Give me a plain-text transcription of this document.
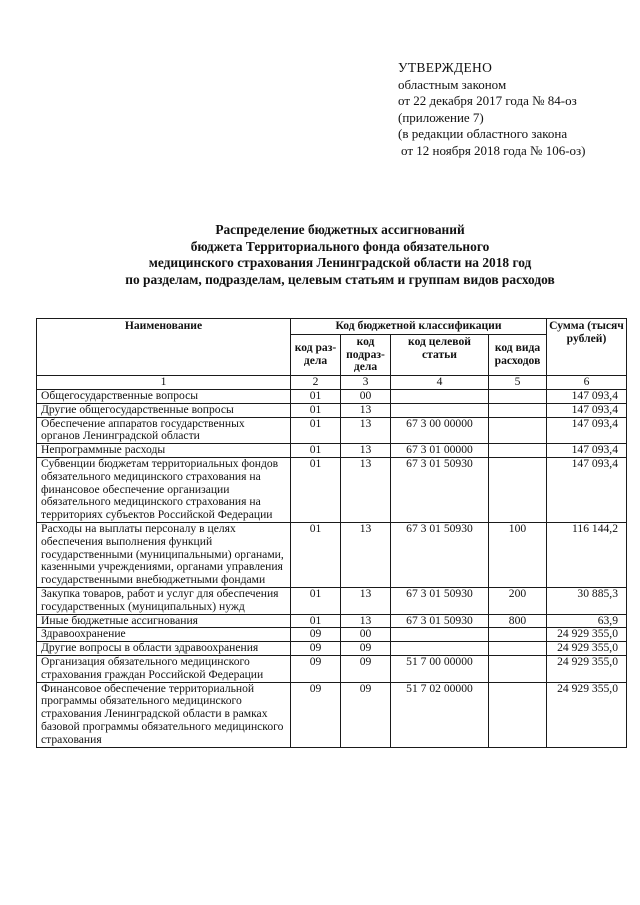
УТВЕРЖДЕНО
областным законом
от 22 декабря 2017 года № 84-оз
(приложение 7)
(в редакции областного закона
от 12 ноября 2018 года № 106-оз)
Распределение бюджетных ассигнований
бюджета Территориального фонда обязательного
медицинского страхования Ленинградской области на 2018 год
по разделам, подразделам, целевым статьям и группам видов расходов
Наименование	Код бюджетной классификации				Сумма (тысяч рублей)
	код раз-дела	код подраз-дела	код целевой статьи	код вида расходов	
1	2	3	4	5	6
Общегосударственные вопросы	01	00			147 093,4
Другие общегосударственные вопросы	01	13			147 093,4
Обеспечение аппаратов государственных органов Ленинградской области	01	13	67 3 00 00000		147 093,4
Непрограммные расходы	01	13	67 3 01 00000		147 093,4
Субвенции бюджетам территориальных фондов обязательного медицинского страхования на финансовое обеспечение организации обязательного медицинского страхования на территориях субъектов Российской Федерации	01	13	67 3 01 50930		147 093,4
Расходы на выплаты персоналу в целях обеспечения выполнения функций государственными (муниципальными) органами, казенными учреждениями, органами управления государственными внебюджетными фондами	01	13	67 3 01 50930	100	116 144,2
Закупка товаров, работ и услуг для обеспечения государственных (муниципальных) нужд	01	13	67 3 01 50930	200	30 885,3
Иные бюджетные ассигнования	01	13	67 3 01 50930	800	63,9
Здравоохранение	09	00			24 929 355,0
Другие вопросы в области здравоохранения	09	09			24 929 355,0
Организация обязательного медицинского страхования граждан Российской Федерации	09	09	51 7 00 00000		24 929 355,0
Финансовое обеспечение территориальной программы обязательного медицинского страхования Ленинградской области в рамках базовой программы обязательного медицинского страхования	09	09	51 7 02 00000		24 929 355,0
